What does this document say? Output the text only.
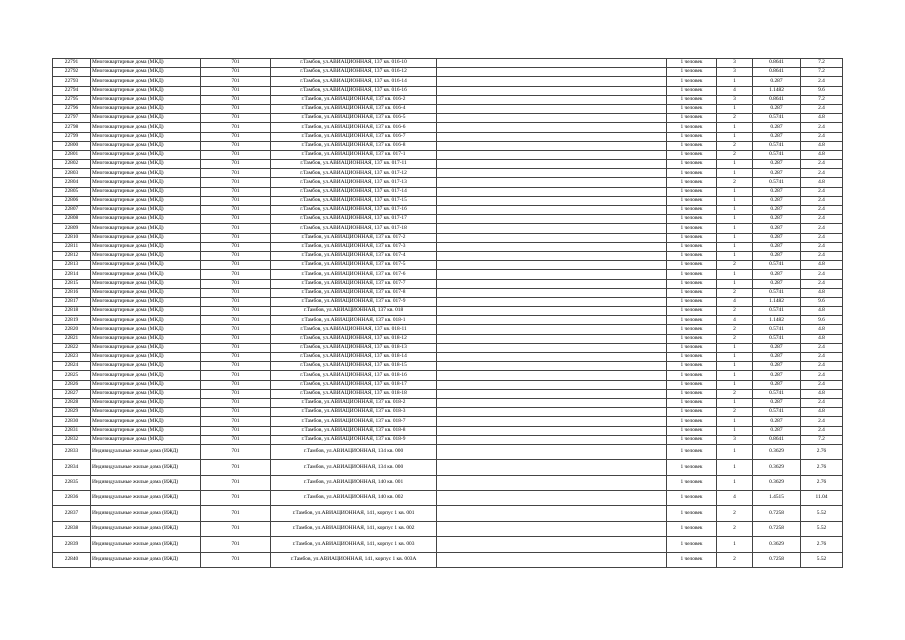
22791	Многоквартирные дома (МКД)	701	г.Тамбов, ул.АВИАЦИОННАЯ, 137 кв. 016-10		1 человек	3	0.8641	7.2
22792	Многоквартирные дома (МКД)	701	г.Тамбов, ул.АВИАЦИОННАЯ, 137 кв. 016-12		1 человек	3	0.8641	7.2
22793	Многоквартирные дома (МКД)	701	г.Тамбов, ул.АВИАЦИОННАЯ, 137 кв. 016-14		1 человек	1	0.287	2.4
22794	Многоквартирные дома (МКД)	701	г.Тамбов, ул.АВИАЦИОННАЯ, 137 кв. 016-16		1 человек	4	1.1482	9.6
22795	Многоквартирные дома (МКД)	701	г.Тамбов, ул.АВИАЦИОННАЯ, 137 кв. 016-2		1 человек	3	0.8641	7.2
22796	Многоквартирные дома (МКД)	701	г.Тамбов, ул.АВИАЦИОННАЯ, 137 кв. 016-4		1 человек	1	0.287	2.4
22797	Многоквартирные дома (МКД)	701	г.Тамбов, ул.АВИАЦИОННАЯ, 137 кв. 016-5		1 человек	2	0.5741	4.8
22798	Многоквартирные дома (МКД)	701	г.Тамбов, ул.АВИАЦИОННАЯ, 137 кв. 016-6		1 человек	1	0.287	2.4
22799	Многоквартирные дома (МКД)	701	г.Тамбов, ул.АВИАЦИОННАЯ, 137 кв. 016-7		1 человек	1	0.287	2.4
22800	Многоквартирные дома (МКД)	701	г.Тамбов, ул.АВИАЦИОННАЯ, 137 кв. 016-8		1 человек	2	0.5741	4.8
22801	Многоквартирные дома (МКД)	701	г.Тамбов, ул.АВИАЦИОННАЯ, 137 кв. 017-1		1 человек	2	0.5741	4.8
22802	Многоквартирные дома (МКД)	701	г.Тамбов, ул.АВИАЦИОННАЯ, 137 кв. 017-11		1 человек	1	0.287	2.4
22803	Многоквартирные дома (МКД)	701	г.Тамбов, ул.АВИАЦИОННАЯ, 137 кв. 017-12		1 человек	1	0.287	2.4
22804	Многоквартирные дома (МКД)	701	г.Тамбов, ул.АВИАЦИОННАЯ, 137 кв. 017-13		1 человек	2	0.5741	4.8
22805	Многоквартирные дома (МКД)	701	г.Тамбов, ул.АВИАЦИОННАЯ, 137 кв. 017-14		1 человек	1	0.287	2.4
22806	Многоквартирные дома (МКД)	701	г.Тамбов, ул.АВИАЦИОННАЯ, 137 кв. 017-15		1 человек	1	0.287	2.4
22807	Многоквартирные дома (МКД)	701	г.Тамбов, ул.АВИАЦИОННАЯ, 137 кв. 017-16		1 человек	1	0.287	2.4
22808	Многоквартирные дома (МКД)	701	г.Тамбов, ул.АВИАЦИОННАЯ, 137 кв. 017-17		1 человек	1	0.287	2.4
22809	Многоквартирные дома (МКД)	701	г.Тамбов, ул.АВИАЦИОННАЯ, 137 кв. 017-18		1 человек	1	0.287	2.4
22810	Многоквартирные дома (МКД)	701	г.Тамбов, ул.АВИАЦИОННАЯ, 137 кв. 017-2		1 человек	1	0.287	2.4
22811	Многоквартирные дома (МКД)	701	г.Тамбов, ул.АВИАЦИОННАЯ, 137 кв. 017-3		1 человек	1	0.287	2.4
22812	Многоквартирные дома (МКД)	701	г.Тамбов, ул.АВИАЦИОННАЯ, 137 кв. 017-4		1 человек	1	0.287	2.4
22813	Многоквартирные дома (МКД)	701	г.Тамбов, ул.АВИАЦИОННАЯ, 137 кв. 017-5		1 человек	2	0.5741	4.8
22814	Многоквартирные дома (МКД)	701	г.Тамбов, ул.АВИАЦИОННАЯ, 137 кв. 017-6		1 человек	1	0.287	2.4
22815	Многоквартирные дома (МКД)	701	г.Тамбов, ул.АВИАЦИОННАЯ, 137 кв. 017-7		1 человек	1	0.287	2.4
22816	Многоквартирные дома (МКД)	701	г.Тамбов, ул.АВИАЦИОННАЯ, 137 кв. 017-8		1 человек	2	0.5741	4.8
22817	Многоквартирные дома (МКД)	701	г.Тамбов, ул.АВИАЦИОННАЯ, 137 кв. 017-9		1 человек	4	1.1482	9.6
22818	Многоквартирные дома (МКД)	701	г.Тамбов, ул.АВИАЦИОННАЯ, 137 кв. 018		1 человек	2	0.5741	4.8
22819	Многоквартирные дома (МКД)	701	г.Тамбов, ул.АВИАЦИОННАЯ, 137 кв. 018-1		1 человек	4	1.1482	9.6
22820	Многоквартирные дома (МКД)	701	г.Тамбов, ул.АВИАЦИОННАЯ, 137 кв. 018-11		1 человек	2	0.5741	4.8
22821	Многоквартирные дома (МКД)	701	г.Тамбов, ул.АВИАЦИОННАЯ, 137 кв. 018-12		1 человек	2	0.5741	4.8
22822	Многоквартирные дома (МКД)	701	г.Тамбов, ул.АВИАЦИОННАЯ, 137 кв. 018-13		1 человек	1	0.287	2.4
22823	Многоквартирные дома (МКД)	701	г.Тамбов, ул.АВИАЦИОННАЯ, 137 кв. 018-14		1 человек	1	0.287	2.4
22824	Многоквартирные дома (МКД)	701	г.Тамбов, ул.АВИАЦИОННАЯ, 137 кв. 018-15		1 человек	1	0.287	2.4
22825	Многоквартирные дома (МКД)	701	г.Тамбов, ул.АВИАЦИОННАЯ, 137 кв. 018-16		1 человек	1	0.287	2.4
22826	Многоквартирные дома (МКД)	701	г.Тамбов, ул.АВИАЦИОННАЯ, 137 кв. 018-17		1 человек	1	0.287	2.4
22827	Многоквартирные дома (МКД)	701	г.Тамбов, ул.АВИАЦИОННАЯ, 137 кв. 018-18		1 человек	2	0.5741	4.8
22828	Многоквартирные дома (МКД)	701	г.Тамбов, ул.АВИАЦИОННАЯ, 137 кв. 018-2		1 человек	1	0.287	2.4
22829	Многоквартирные дома (МКД)	701	г.Тамбов, ул.АВИАЦИОННАЯ, 137 кв. 018-3		1 человек	2	0.5741	4.8
22830	Многоквартирные дома (МКД)	701	г.Тамбов, ул.АВИАЦИОННАЯ, 137 кв. 018-7		1 человек	1	0.287	2.4
22831	Многоквартирные дома (МКД)	701	г.Тамбов, ул.АВИАЦИОННАЯ, 137 кв. 018-8		1 человек	1	0.287	2.4
22832	Многоквартирные дома (МКД)	701	г.Тамбов, ул.АВИАЦИОННАЯ, 137 кв. 018-9		1 человек	3	0.8641	7.2
22833	Индивидуальные жилые дома (ИЖД)	701	г.Тамбов, ул.АВИАЦИОННАЯ, 134 кв. 000		1 человек	1	0.3629	2.76
22834	Индивидуальные жилые дома (ИЖД)	701	г.Тамбов, ул.АВИАЦИОННАЯ, 134 кв. 000		1 человек	1	0.3629	2.76
22835	Индивидуальные жилые дома (ИЖД)	701	г.Тамбов, ул.АВИАЦИОННАЯ, 140 кв. 001		1 человек	1	0.3629	2.76
22836	Индивидуальные жилые дома (ИЖД)	701	г.Тамбов, ул.АВИАЦИОННАЯ, 140 кв. 002		1 человек	4	1.4515	11.04
22837	Индивидуальные жилые дома (ИЖД)	701	г.Тамбов, ул.АВИАЦИОННАЯ, 141, корпус 1 кв. 001		1 человек	2	0.7258	5.52
22838	Индивидуальные жилые дома (ИЖД)	701	г.Тамбов, ул.АВИАЦИОННАЯ, 141, корпус 1 кв. 002		1 человек	2	0.7258	5.52
22839	Индивидуальные жилые дома (ИЖД)	701	г.Тамбов, ул.АВИАЦИОННАЯ, 141, корпус 1 кв. 003		1 человек	1	0.3629	2.76
22840	Индивидуальные жилые дома (ИЖД)	701	г.Тамбов, ул.АВИАЦИОННАЯ, 141, корпус 1 кв. 003А		1 человек	2	0.7258	5.52
